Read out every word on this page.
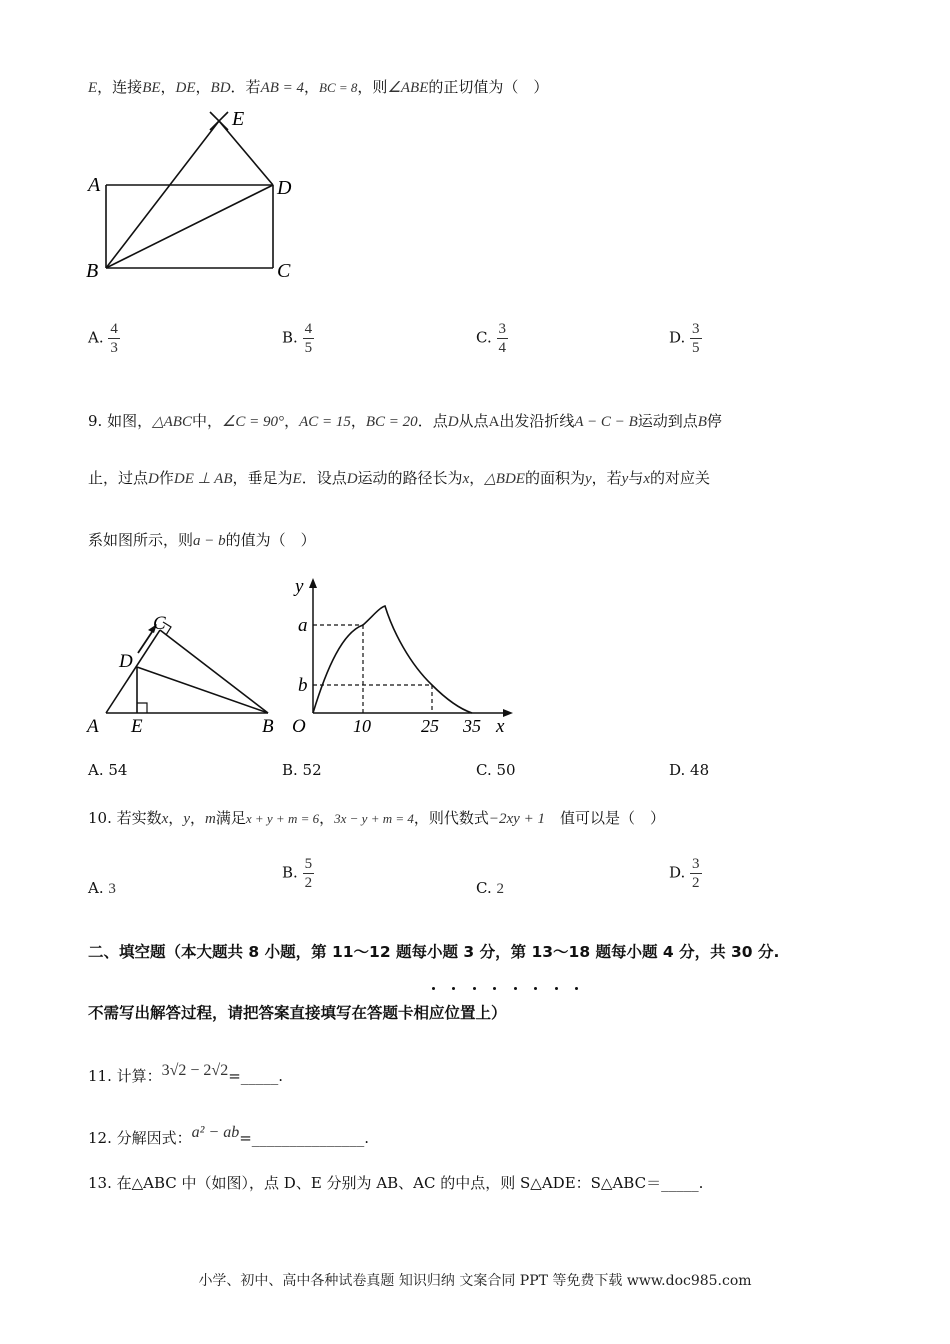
E，连接BE，DE，BD．若AB = 4，BC = 8，则∠ABE的正切值为（　）
E
A	D
B	C
A. $\frac{4}{3}$	B. $\frac{4}{5}$	C. $\frac{3}{4}$	D. $\frac{3}{5}$
9. 如图，△ABC中，∠C = 90°，AC = 15，BC = 20．点D从点A出发沿折线A − C − B运动到点B停
止，过点D作DE ⊥ AB，垂足为E．设点D运动的路径长为x，△BDE的面积为y，若y与x的对应关
系如图所示，则a − b的值为（　）
C
D
A E	B
y
a
b
O	10	25 35 x
A. 54	B. 52	C. 50	D. 48
10. 若实数x，y，m满足x + y + m = 6，3x − y + m = 4，则代数式−2xy + 1　 值可以是（　）
A. 3
B. $\frac{5}{2}$	C. 2
D. $\frac{3}{2}$
二、填空题（本大题共 8 小题，第 11～12 题每小题 3 分，第 13～18 题每小题 4 分，共 30 分.
不需写出解答过程，请把答案直接填写在答题卡相应位置上）
11. 计算：3√2 − 2√2=_____.
12. 分解因式：a² − ab=_______________.
13. 在△ABC 中（如图），点 D、E 分别为 AB、AC 的中点，则 S△ADE：S△ABC＝_____.
小学、初中、高中各种试卷真题 知识归纳 文案合同 PPT 等免费下载 www.doc985.com
